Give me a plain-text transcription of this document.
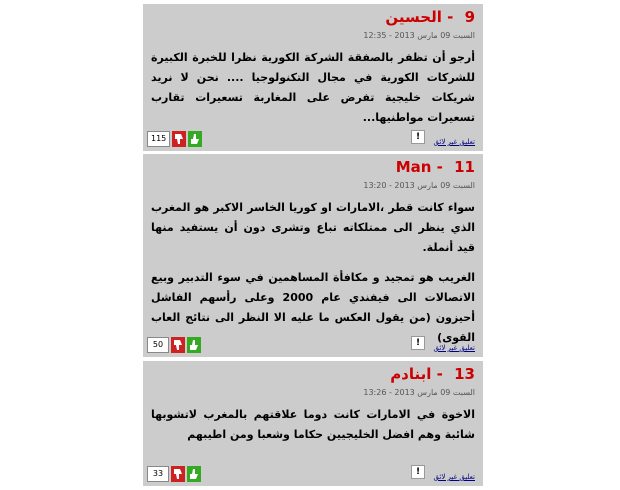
9 - الحسين
السبت 09 مارس 2013 - 12:35

أرجو أن تظفر بالصفقة الشركة الكورية نظرا للخبرة الكبيرة للشركات الكورية في مجال التكنولوجيا .... نحن لا نريد شريكات خليجية تفرض على المغاربة تسعيرات تقارب تسعيرات مواطنيها...

115	!	تعليق غير لائق
11 - Man
السبت 09 مارس 2013 - 13:20

سواء كانت قطر ،الامارات او كوريا الخاسر الاكبر هو المغرب الذي ينظر الى ممتلكاته تباع وتشرى دون أن يستفيد منها قيد أنملة.

الغريب هو تمجيد و مكافأة المساهمين في سوء التدبير وبيع الاتصالات الى فيفندي عام 2000 وعلى رأسهم الفاشل أحيزون (من يقول العكس ما عليه الا النظر الى نتائج العاب القوى)

50	!	تعليق غير لائق
13 - ابنادم
السبت 09 مارس 2013 - 13:26

الاخوة في الامارات كانت دوما علاقتهم بالمغرب لاتشوبها شائبة وهم افضل الخليجيين حكاما وشعبا ومن اطيبهم

33	!	تعليق غير لائق
